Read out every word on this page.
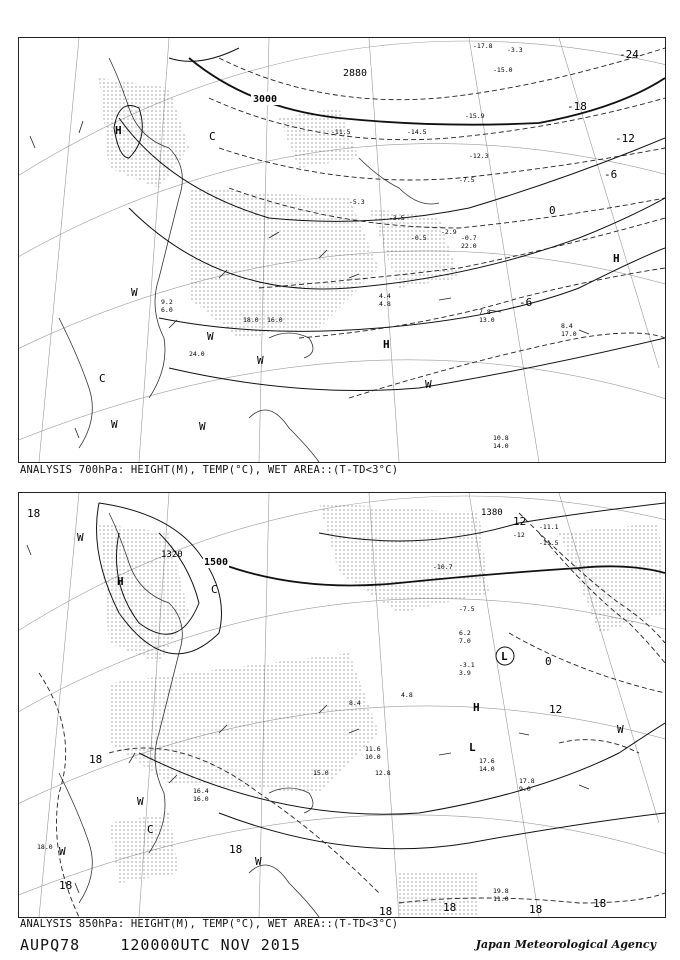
3000
2880
-24
-18
-12
-6
0
-6
H	C
H
H
W
W
W
W
C
W
W
-17.8 -3.3
-15.0
-15.9
-11.5	-14.5
-12.3
-7.5
-5.3
-3.5
-0.5
-2.9
-0.7
22.0
4.4
4.8
7.8
13.0
8.4
17.0
10.8
14.0
9.2
6.0
24.0
18.0 16.0
ANALYSIS 700hPa: HEIGHT(M), TEMP(°C), WET AREA::(T-TD<3°C)
1500
1380
1320
18
12
0
12
18
18
18
18	18	18	18
H
C
L
H
L
W
W
W
W
C
W
-11.1
-11.5
-12
-10.7
-7.5
-3.1
3.9
4.8
8.4
17.6
14.0
17.8
9.0
19.8
11.0
11.6
10.0
12.8
15.0
16.4
16.0
18.0
6.2
7.0
ANALYSIS 850hPa: HEIGHT(M), TEMP(°C), WET AREA::(T-TD<3°C)
AUPQ78	120000UTC NOV 2015	Japan Meteorological Agency
